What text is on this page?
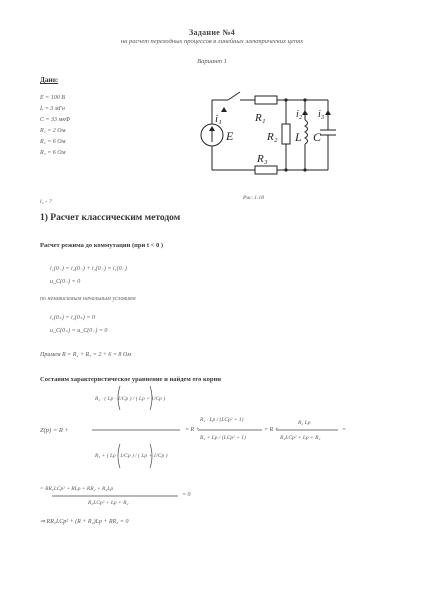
Задание №4
на расчет переходных процессов в линейных электрических цепях
Вариант 1
Дано:
E = 100 B
L = 3 мГн
C = 33 мкФ
R₁ = 2 Ом
R₂ = 6 Ом
R₃ = 6 Ом
i₁ - ?
i₁	R₁
R₂
i₂ i₃
L C
R₃
E
Рис. 1.18
1) Расчет классическим методом
Расчет режима до коммутации (при t < 0 )
i₁(0₋) = i₂(0₋) + i₃(0₋) = i₁(0₋)
u_C(0₋) = 0
по независимым начальным условиям
i₁(0₊) = i₂(0₊) = 0
u_C(0₊) = u_C(0₋) = 0
Примем R = R₁ + R₃ = 2 + 6 = 8 Ом
Составим характеристическое уравнение и найдем его корни
Z(p) = R +
R₂ · ( Lp · 1/Cp ) / ( Lp + 1/Cp )
R₂ + ( Lp · 1/Cp ) / ( Lp + 1/Cp )
= R +
R₂ · Lp / (LCp² + 1)
R₂ + Lp / (LCp² + 1)
= R +
R₂ Lp
R₂LCp² + Lp + R₂
=
= RR₂LCp² + RLp + RR₂ + R₂Lp
R₂LCp² + Lp + R₂
= 0
⇒ RR₂LCp² + (R + R₂)Lp + RR₂ = 0
